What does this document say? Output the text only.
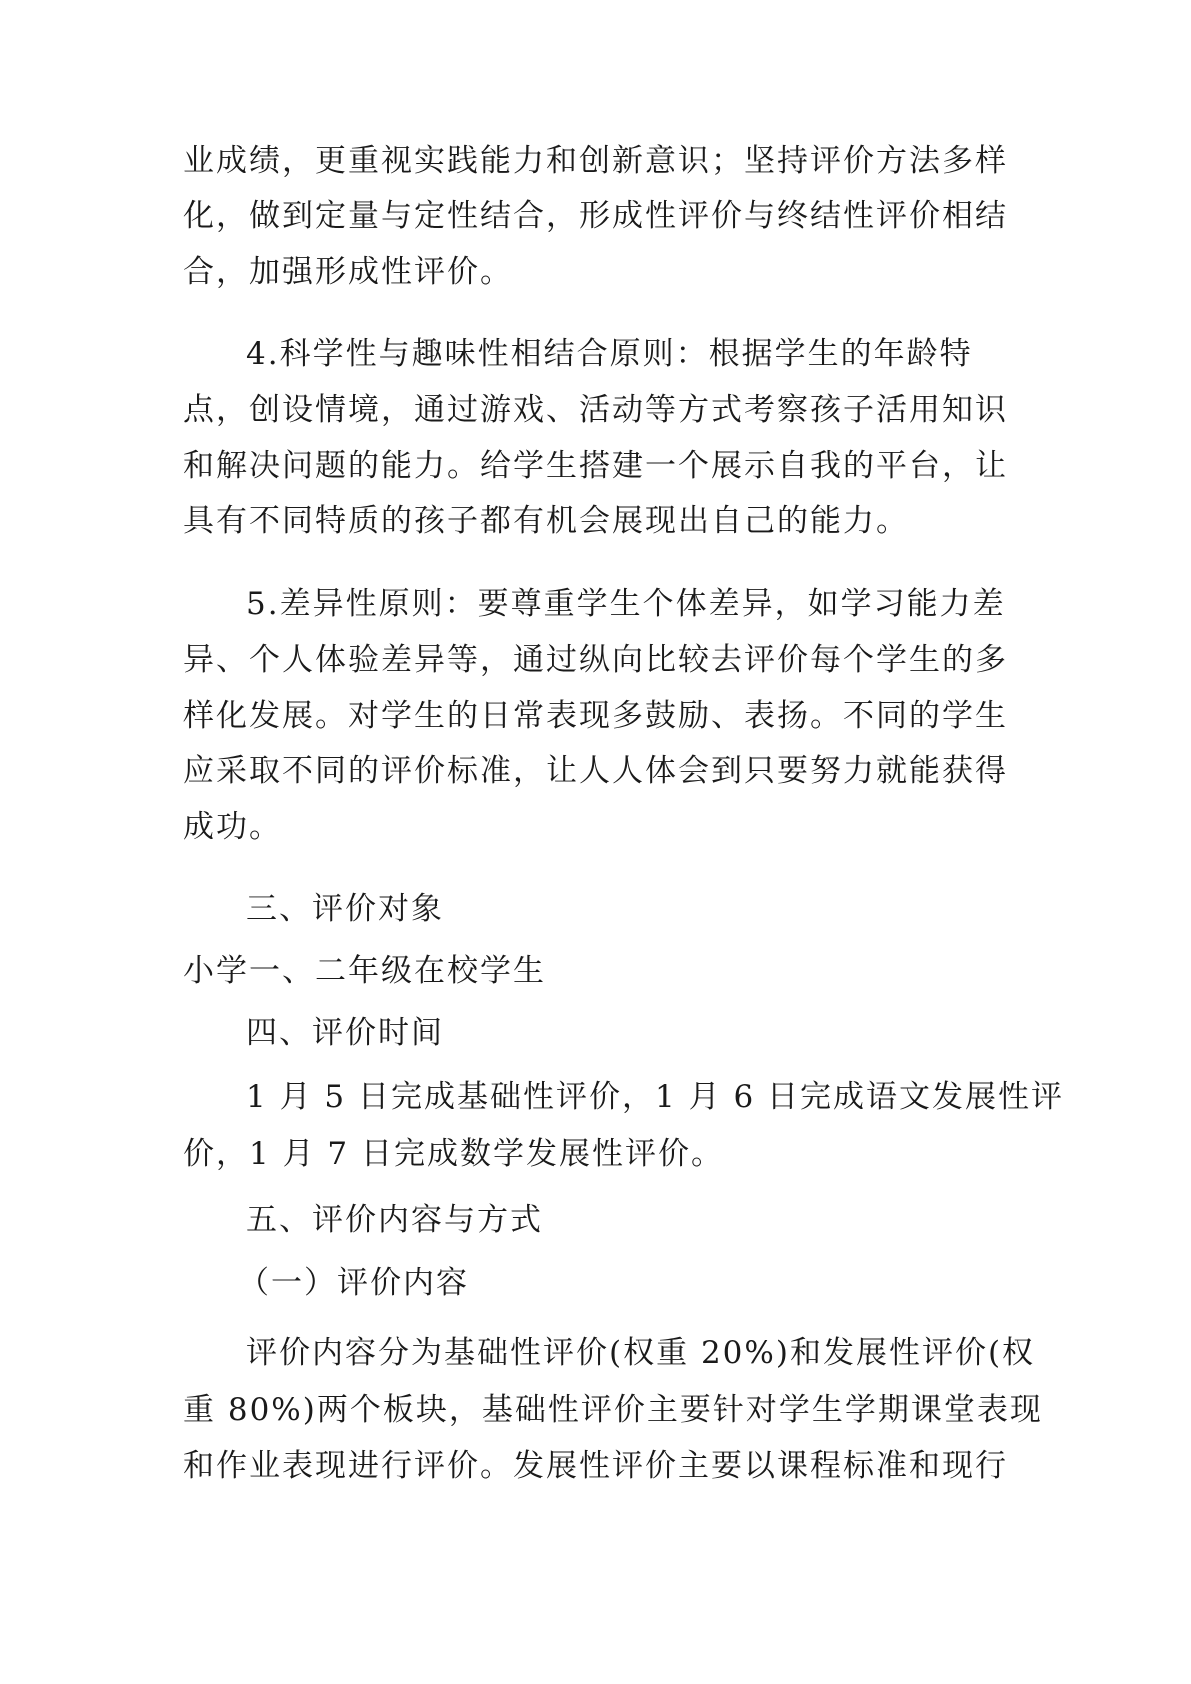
业成绩，更重视实践能力和创新意识；坚持评价方法多样
化，做到定量与定性结合，形成性评价与终结性评价相结
合，加强形成性评价。
4.科学性与趣味性相结合原则：根据学生的年龄特
点，创设情境，通过游戏、活动等方式考察孩子活用知识
和解决问题的能力。给学生搭建一个展示自我的平台，让
具有不同特质的孩子都有机会展现出自己的能力。
5.差异性原则：要尊重学生个体差异，如学习能力差
异、个人体验差异等，通过纵向比较去评价每个学生的多
样化发展。对学生的日常表现多鼓励、表扬。不同的学生
应采取不同的评价标准，让人人体会到只要努力就能获得
成功。
三、评价对象
小学一、二年级在校学生
四、评价时间
1 月 5 日完成基础性评价，1 月 6 日完成语文发展性评
价，1 月 7 日完成数学发展性评价。
五、评价内容与方式
（一）评价内容
评价内容分为基础性评价(权重 20%)和发展性评价(权
重 80%)两个板块，基础性评价主要针对学生学期课堂表现
和作业表现进行评价。发展性评价主要以课程标准和现行
